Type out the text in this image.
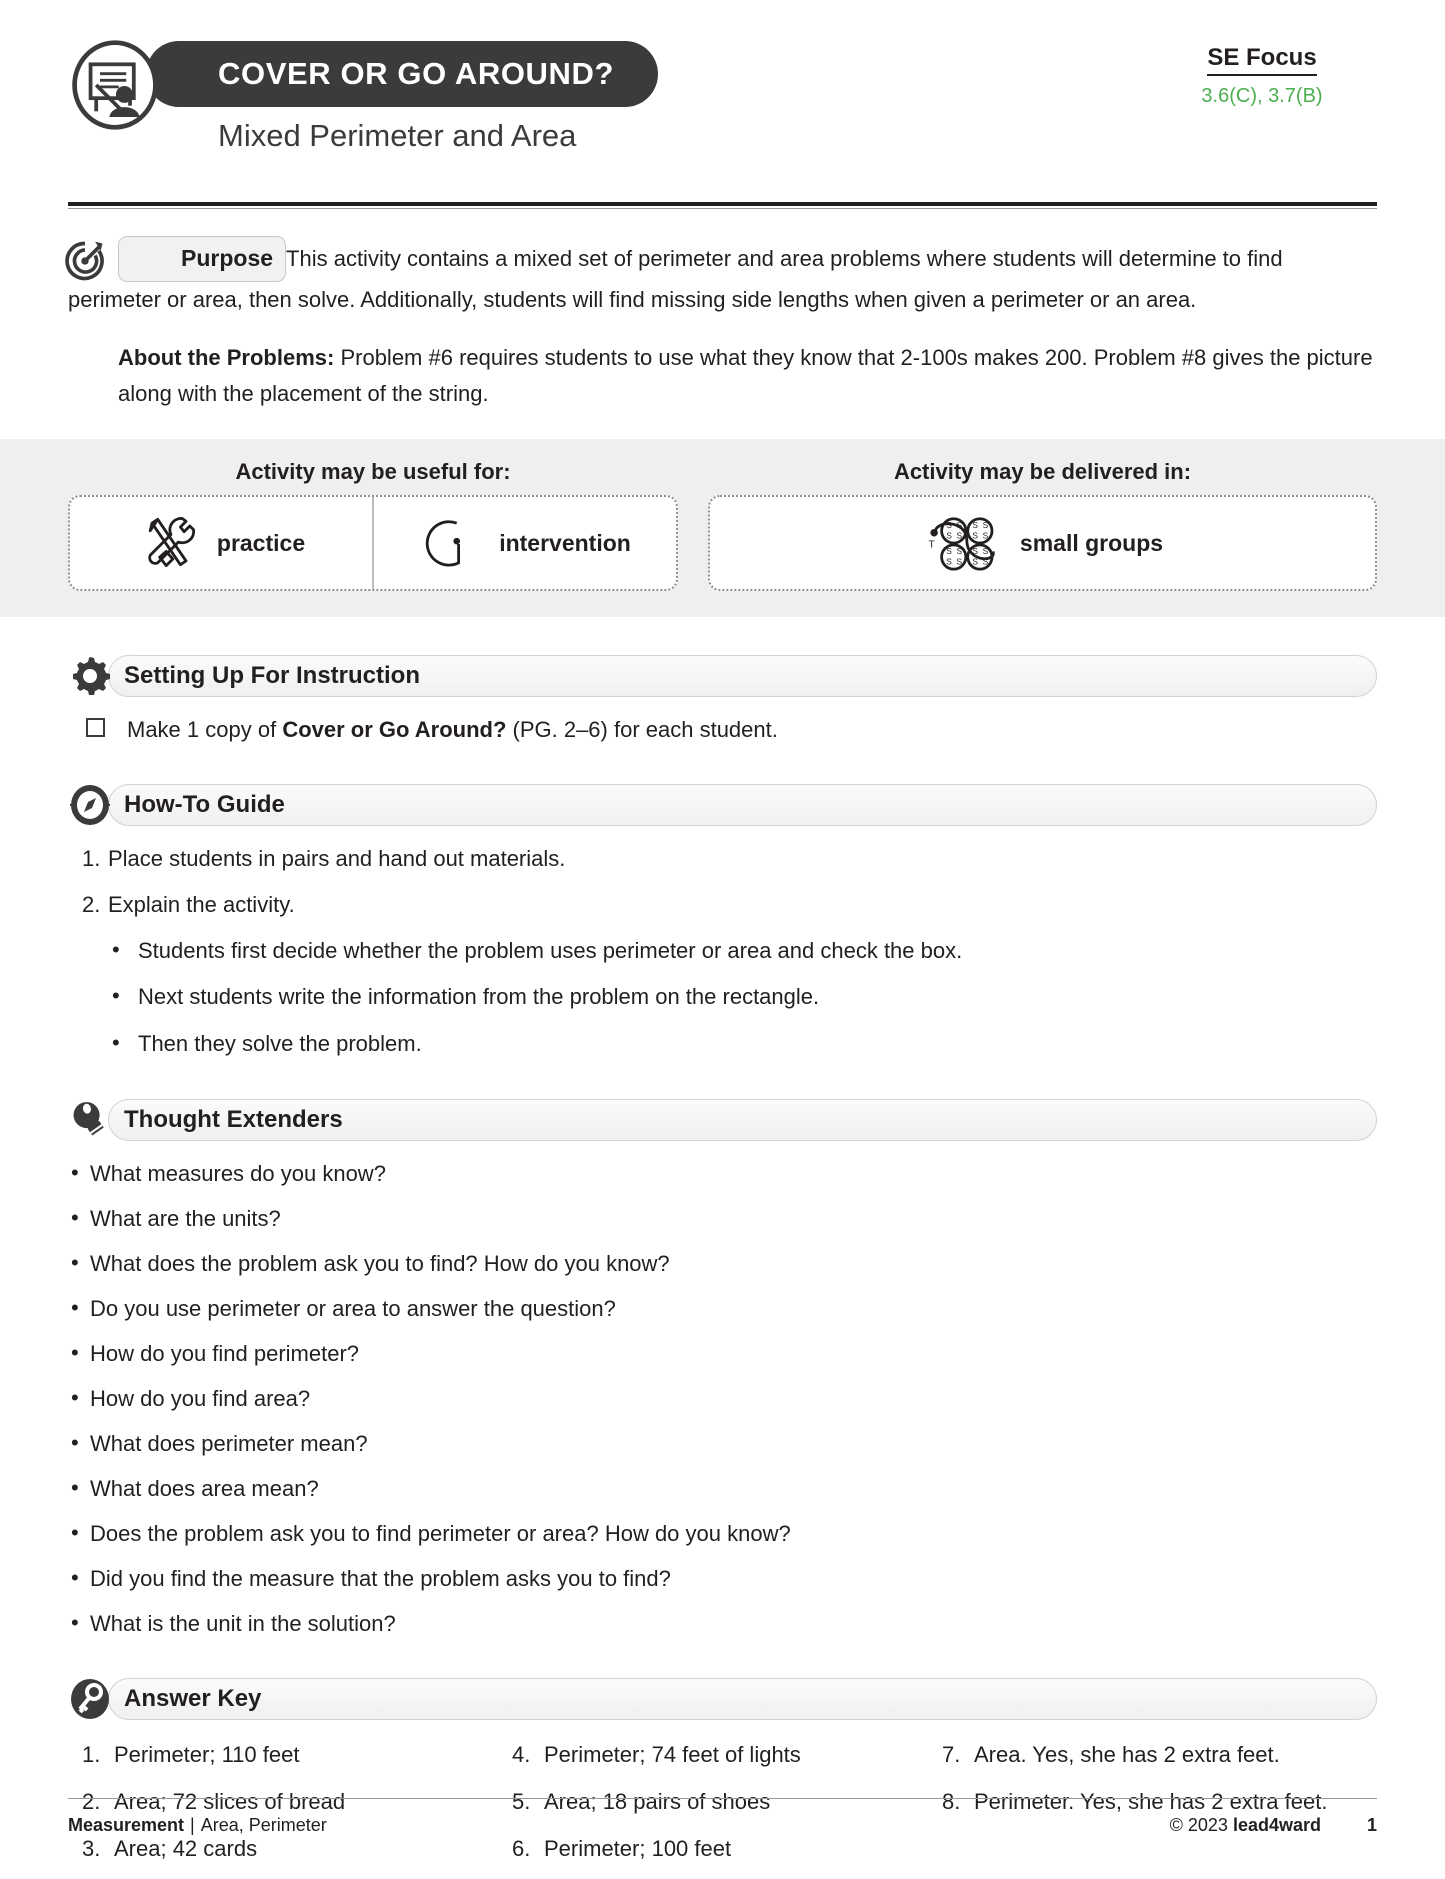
COVER OR GO AROUND?
Mixed Perimeter and Area
SE Focus
3.6(C), 3.7(B)
Purpose This activity contains a mixed set of perimeter and area problems where students will determine to find perimeter or area, then solve. Additionally, students will find missing side lengths when given a perimeter or an area.
About the Problems: Problem #6 requires students to use what they know that 2-100s makes 200. Problem #8 gives the picture along with the placement of the string.
Activity may be useful for:
practice	intervention
Activity may be delivered in:
T
S S
S S
S S
S S
S S
S S
S S
S S
small groups
Setting Up For Instruction
Make 1 copy of Cover or Go Around? (PG. 2–6) for each student.
How-To Guide
1. Place students in pairs and hand out materials.
2. Explain the activity.
• Students first decide whether the problem uses perimeter or area and check the box.
• Next students write the information from the problem on the rectangle.
• Then they solve the problem.
Thought Extenders
• What measures do you know?
• What are the units?
• What does the problem ask you to find? How do you know?
• Do you use perimeter or area to answer the question?
• How do you find perimeter?
• How do you find area?
• What does perimeter mean?
• What does area mean?
• Does the problem ask you to find perimeter or area? How do you know?
• Did you find the measure that the problem asks you to find?
• What is the unit in the solution?
Answer Key
1. Perimeter; 110 feet
2. Area; 72 slices of bread
3. Area; 42 cards
4. Perimeter; 74 feet of lights
5. Area; 18 pairs of shoes
6. Perimeter; 100 feet
7. Area. Yes, she has 2 extra feet.
8. Perimeter. Yes, she has 2 extra feet.
Measurement | Area, Perimeter	© 2023 lead4ward	1
